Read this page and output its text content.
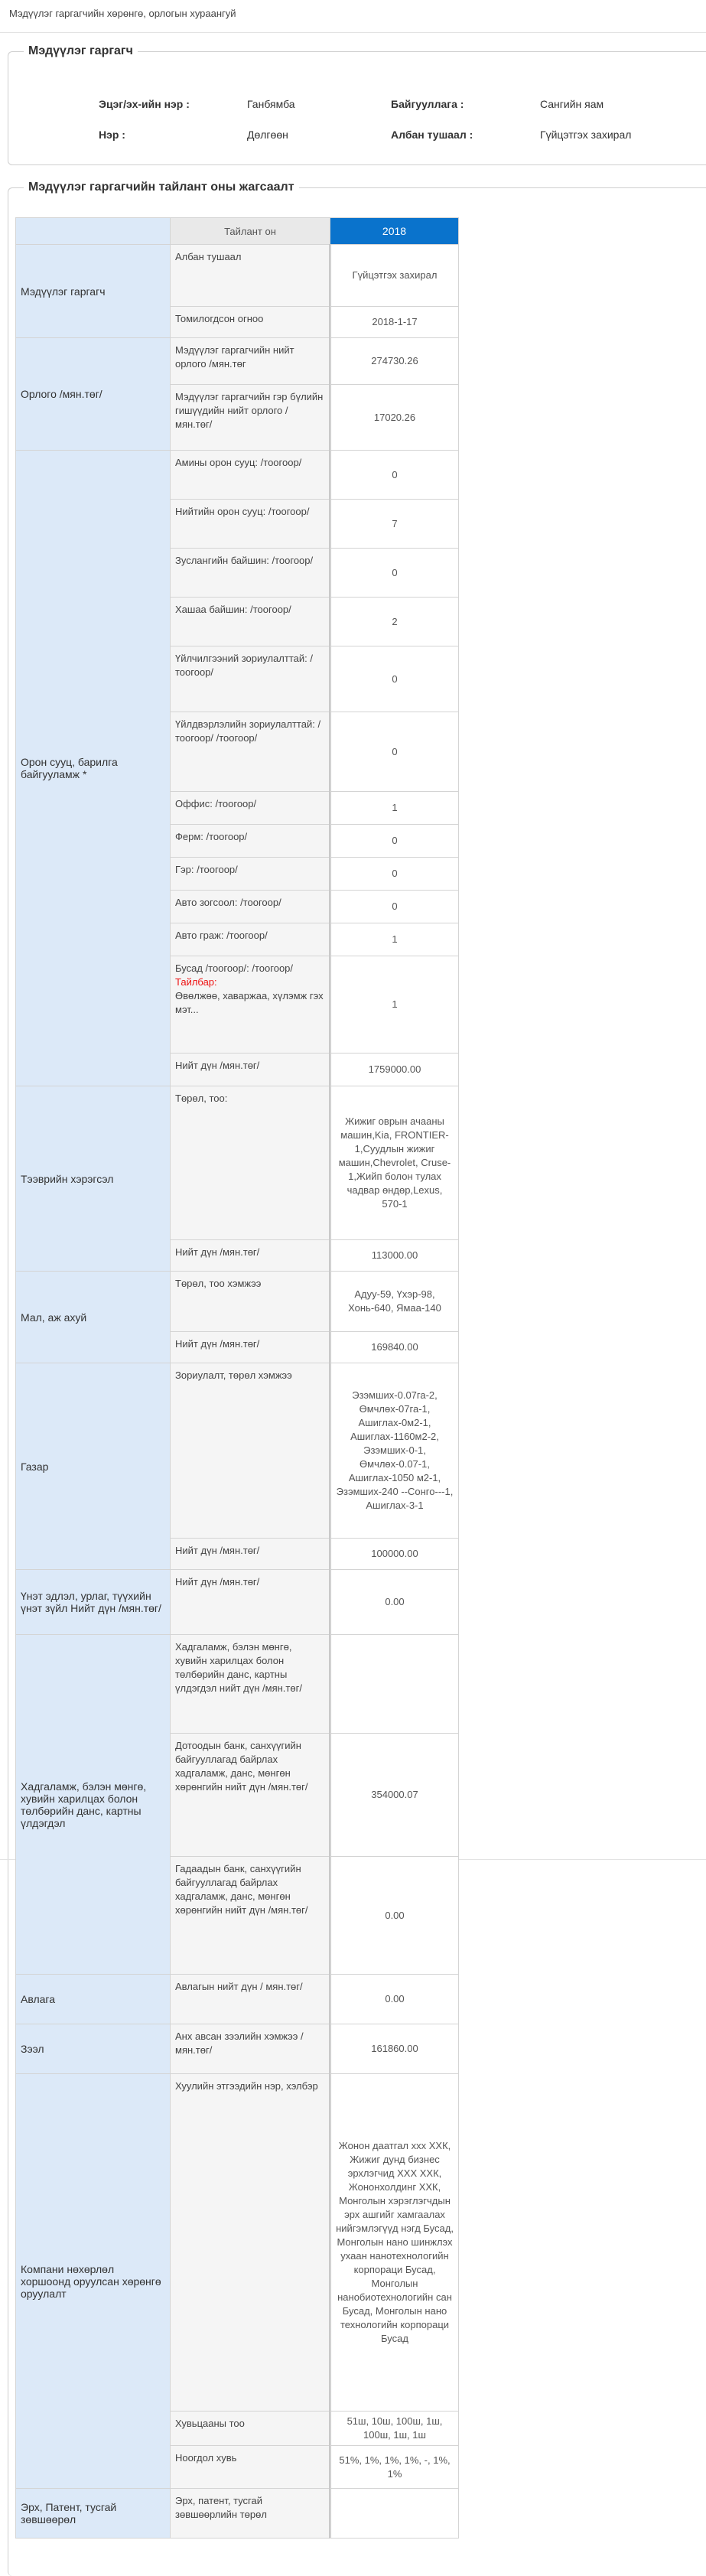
Мэдүүлэг гаргагчийн хөрөнгө, орлогын хураангуй
Мэдүүлэг гаргагч
Эцэг/эх-ийн нэр :	Ганбямба	Байгууллага :	Сангийн яам
Нэр :	Дөлгөөн	Албан тушаал :	Гүйцэтгэх захирал
Мэдүүлэг гаргагчийн тайлант оны жагсаалт
	Тайлант он	2018
Мэдүүлэг гаргагч	Албан тушаал	Гүйцэтгэх захирал
	Томилогдсон огноо	2018-1-17
Орлого /мян.төг/	Мэдүүлэг гаргагчийн нийт орлого /мян.төг	274730.26
	Мэдүүлэг гаргагчийн гэр бүлийн гишүүдийн нийт орлого /мян.төг/	17020.26
Орон сууц, барилга байгууламж *	Амины орон сууц: /тоогоор/	0
	Нийтийн орон сууц: /тоогоор/	7
	Зуслангийн байшин: /тоогоор/	0
	Хашаа байшин: /тоогоор/	2
	Үйлчилгээний зориулалттай: /тоогоор/	0
	Үйлдвэрлэлийн зориулалттай: /тоогоор/ /тоогоор/	0
	Оффис: /тоогоор/	1
	Ферм: /тоогоор/	0
	Гэр: /тоогоор/	0
	Авто зогсоол: /тоогоор/	0
	Авто граж: /тоогоор/	1
	Бусад /тоогоор/: /тоогоор/
Тайлбар:
Өвөлжөө, хаваржаа, хүлэмж гэх мэт...	1
	Нийт дүн /мян.төг/	1759000.00
Тээврийн хэрэгсэл	Төрөл, тоо:	Жижиг оврын ачааны машин,Kia, FRONTIER-1,Суудлын жижиг машин,Chevrolet, Cruse- 1,Жийп болон тулах чадвар өндөр,Lexus, 570-1
	Нийт дүн /мян.төг/	113000.00
Мал, аж ахуй	Төрөл, тоо хэмжээ	Адуу-59, Үхэр-98, Хонь-640, Ямаа-140
	Нийт дүн /мян.төг/	169840.00
Газар	Зориулалт, төрөл хэмжээ	Эзэмших-0.07га-2, Өмчлөх-07га-1, Ашиглах-0м2-1, Ашиглах-1160м2-2, Эзэмших-0-1, Өмчлөх-0.07-1, Ашиглах-1050 м2-1, Эзэмших-240 --Сонго---1, Ашиглах-3-1
	Нийт дүн /мян.төг/	100000.00
Үнэт эдлэл, урлаг, түүхийн үнэт зүйл Нийт дүн /мян.төг/	Нийт дүн /мян.төг/	0.00
Хадгаламж, бэлэн мөнгө, хувийн харилцах болон төлбөрийн данс, картны үлдэгдэл	Хадгаламж, бэлэн мөнгө, хувийн харилцах болон төлбөрийн данс, картны үлдэгдэл нийт дүн /мян.төг/	
	Дотоодын банк, санхүүгийн байгууллагад байрлах хадгаламж, данс, мөнгөн хөрөнгийн нийт дүн /мян.төг/	354000.07
	Гадаадын банк, санхүүгийн байгууллагад байрлах хадгаламж, данс, мөнгөн хөрөнгийн нийт дүн /мян.төг/	0.00
Авлага	Авлагын нийт дүн / мян.төг/	0.00
Зээл	Анх авсан зээлийн хэмжээ /мян.төг/	161860.00
Компани нөхөрлөл хоршоонд оруулсан хөрөнгө оруулалт	Хуулийн этгээдийн нэр, хэлбэр	Жонон даатгал ххх ХХК, Жижиг дунд бизнес эрхлэгчид ХХХ ХХК, Жононхолдинг ХХК, Монголын хэрэглэгчдын эрх ашгийг хамгаалах нийгэмлэгүүд нэгд Бусад, Монголын нано шинжлэх ухаан нанотехнологийн корпораци Бусад, Монголын нанобиотехнологийн сан Бусад, Монголын нано технологийн корпораци Бусад
	Хувьцааны тоо	51ш, 10ш, 100ш, 1ш, 100ш, 1ш, 1ш
	Ноогдол хувь	51%, 1%, 1%, 1%, -, 1%, 1%
Эрх, Патент, тусгай зөвшөөрөл	Эрх, патент, тусгай зөвшөөрлийн төрөл	
